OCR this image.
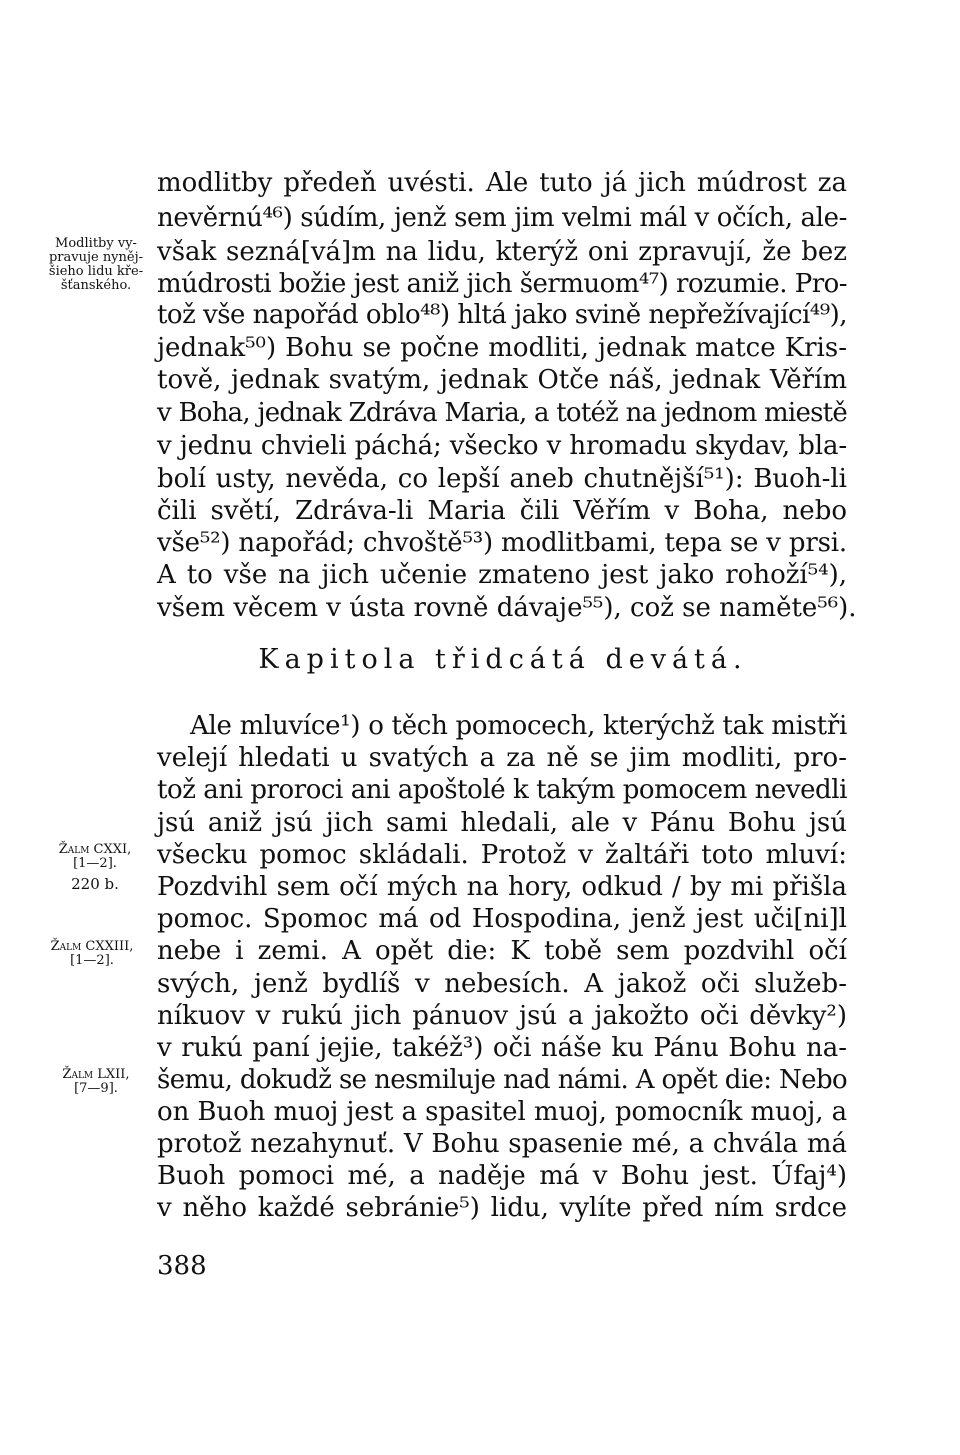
modlitby předeň uvésti. Ale tuto já jich múdrost za
nevěrnú⁴⁶) súdím, jenž sem jim velmi mál v očích, ale-
však sezná[vá]m na lidu, kterýž oni zpravují, že bez
múdrosti božie jest aniž jich šermuom⁴⁷) rozumie. Pro-
tož vše napořád oblo⁴⁸) hltá jako svině nepřežívající⁴⁹),
jednak⁵⁰) Bohu se počne modliti, jednak matce Kris-
tově, jednak svatým, jednak Otče náš, jednak Věřím
v Boha, jednak Zdráva Maria, a totéž na jednom miestě
v jednu chvieli páchá; všecko v hromadu skydav, bla-
bolí usty, nevěda, co lepší aneb chutnější⁵¹): Buoh-li
čili světí, Zdráva-li Maria čili Věřím v Boha, nebo
vše⁵²) napořád; chvoště⁵³) modlitbami, tepa se v prsi.
A to vše na jich učenie zmateno jest jako rohoží⁵⁴),
všem věcem v ústa rovně dávaje⁵⁵), což se naměte⁵⁶).
Kapitola třidcátá devátá.
Ale mluvíce¹) o těch pomocech, kterýchž tak mistři
velejí hledati u svatých a za ně se jim modliti, pro-
tož ani proroci ani apoštolé k takým pomocem nevedli
jsú aniž jsú jich sami hledali, ale v Pánu Bohu jsú
všecku pomoc skládali. Protož v žaltáři toto mluví:
Pozdvihl sem očí mých na hory, odkud / by mi přišla
pomoc. Spomoc má od Hospodina, jenž jest uči[ni]l
nebe i zemi. A opět die: K tobě sem pozdvihl očí
svých, jenž bydlíš v nebesích. A jakož oči služeb-
níkuov v rukú jich pánuov jsú a jakožto oči děvky²)
v rukú paní jejie, takéž³) oči náše ku Pánu Bohu na-
šemu, dokudž se nesmiluje nad námi. A opět die: Nebo
on Buoh muoj jest a spasitel muoj, pomocník muoj, a
protož nezahynuť. V Bohu spasenie mé, a chvála má
Buoh pomoci mé, a naděje má v Bohu jest. Úfaj⁴)
v něho každé sebránie⁵) lidu, vylíte před ním srdce
Modlitby vy-
pravuje nyněj-
šieho lidu kře-
šťanského.
Žalm CXXI,
[1—2].
220 b.
Žalm CXXIII,
[1—2].
Žalm LXII,
[7—9].
388
